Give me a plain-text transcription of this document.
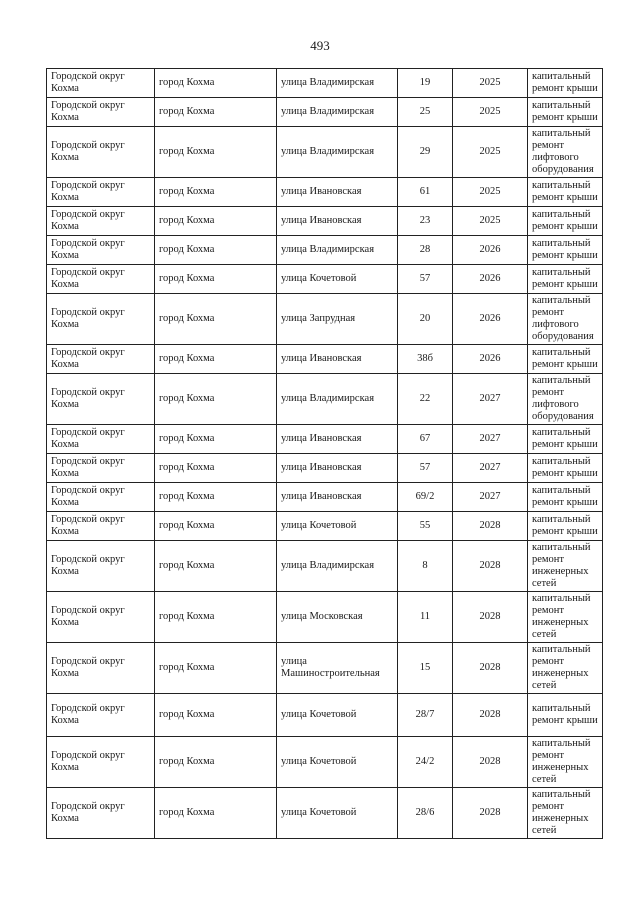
493
Городской округ Кохма	город Кохма	улица Владимирская	19	2025	капитальный ремонт крыши
Городской округ Кохма	город Кохма	улица Владимирская	25	2025	капитальный ремонт крыши
Городской округ Кохма	город Кохма	улица Владимирская	29	2025	капитальный ремонт лифтового оборудования
Городской округ Кохма	город Кохма	улица Ивановская	61	2025	капитальный ремонт крыши
Городской округ Кохма	город Кохма	улица Ивановская	23	2025	капитальный ремонт крыши
Городской округ Кохма	город Кохма	улица Владимирская	28	2026	капитальный ремонт крыши
Городской округ Кохма	город Кохма	улица Кочетовой	57	2026	капитальный ремонт крыши
Городской округ Кохма	город Кохма	улица Запрудная	20	2026	капитальный ремонт лифтового оборудования
Городской округ Кохма	город Кохма	улица Ивановская	38б	2026	капитальный ремонт крыши
Городской округ Кохма	город Кохма	улица Владимирская	22	2027	капитальный ремонт лифтового оборудования
Городской округ Кохма	город Кохма	улица Ивановская	67	2027	капитальный ремонт крыши
Городской округ Кохма	город Кохма	улица Ивановская	57	2027	капитальный ремонт крыши
Городской округ Кохма	город Кохма	улица Ивановская	69/2	2027	капитальный ремонт крыши
Городской округ Кохма	город Кохма	улица Кочетовой	55	2028	капитальный ремонт крыши
Городской округ Кохма	город Кохма	улица Владимирская	8	2028	капитальный ремонт инженерных сетей
Городской округ Кохма	город Кохма	улица Московская	11	2028	капитальный ремонт инженерных сетей
Городской округ Кохма	город Кохма	улица Машиностроительная	15	2028	капитальный ремонт инженерных сетей
Городской округ Кохма	город Кохма	улица Кочетовой	28/7	2028	капитальный ремонт крыши
Городской округ Кохма	город Кохма	улица Кочетовой	24/2	2028	капитальный ремонт инженерных сетей
Городской округ Кохма	город Кохма	улица Кочетовой	28/6	2028	капитальный ремонт инженерных сетей
